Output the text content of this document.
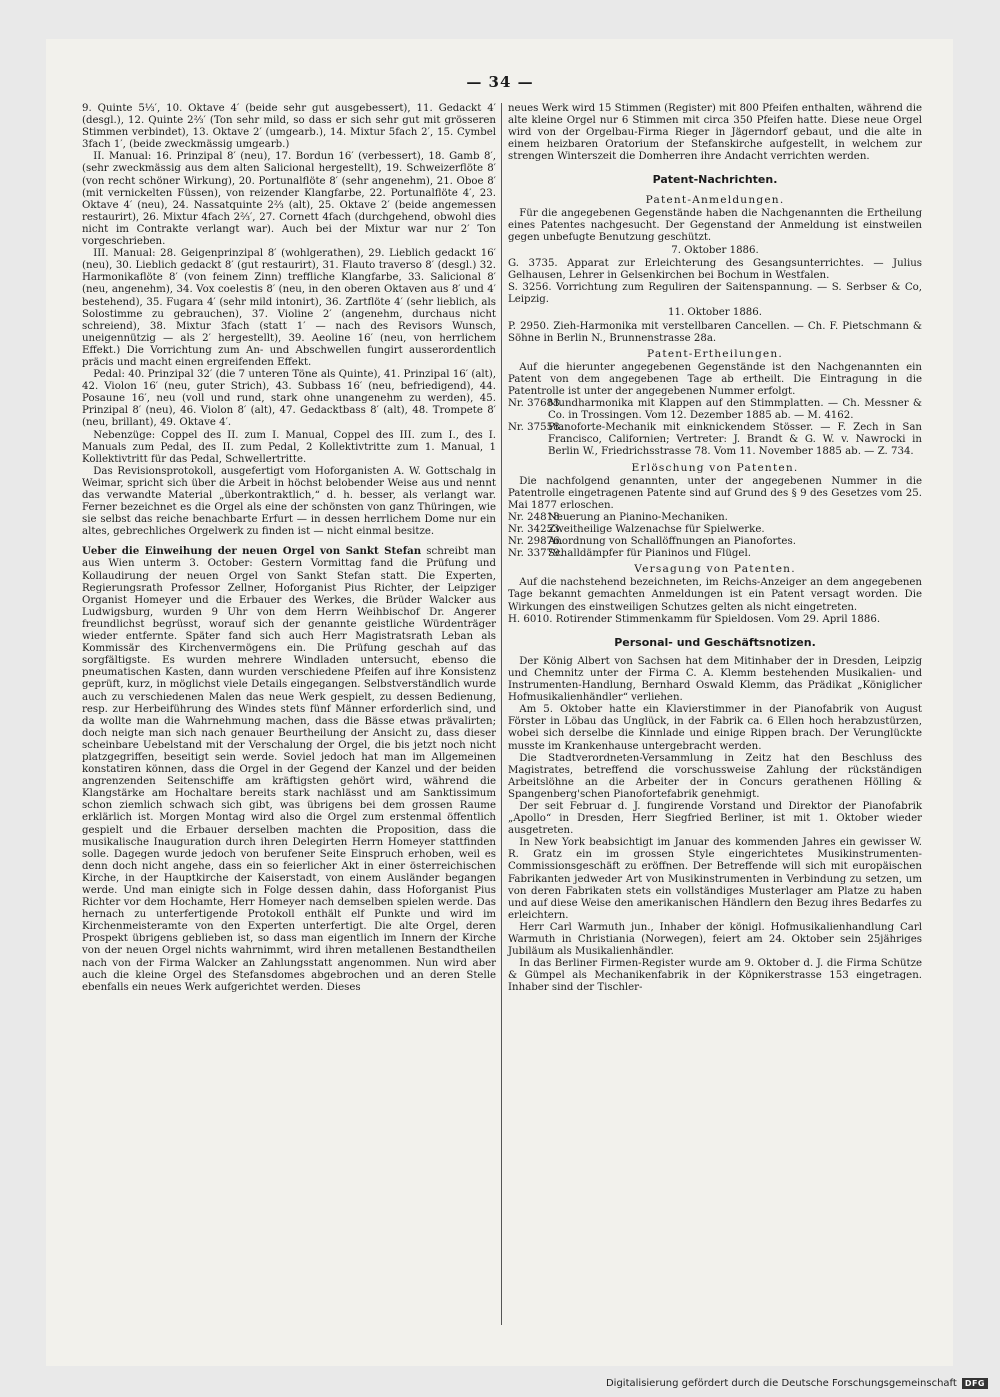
— 34 —

9. Quinte 5⅓′, 10. Oktave 4′ (beide sehr gut ausgebessert), 11. Gedackt 4′ (desgl.), 12. Quinte 2⅔′ (Ton sehr mild, so dass er sich sehr gut mit grösseren Stimmen verbindet), 13. Oktave 2′ (umgearb.), 14. Mixtur 5fach 2′, 15. Cymbel 3fach 1′, (beide zweckmässig umgearb.)

II. Manual: 16. Prinzipal 8′ (neu), 17. Bordun 16′ (verbessert), 18. Gamb 8′, (sehr zweckmässig aus dem alten Salicional hergestellt), 19. Schweizerflöte 8′ (von recht schöner Wirkung), 20. Portunalflöte 8′ (sehr angenehm), 21. Oboe 8′ (mit vernickelten Füssen), von reizender Klangfarbe, 22. Portunalflöte 4′, 23. Oktave 4′ (neu), 24. Nassatquinte 2⅔ (alt), 25. Oktave 2′ (beide angemessen restaurirt), 26. Mixtur 4fach 2⅔′, 27. Cornett 4fach (durchgehend, obwohl dies nicht im Contrakte verlangt war). Auch bei der Mixtur war nur 2′ Ton vorgeschrieben.

III. Manual: 28. Geigenprinzipal 8′ (wohlgerathen), 29. Lieblich gedackt 16′ (neu), 30. Lieblich gedackt 8′ (gut restaurirt), 31. Flauto traverso 8′ (desgl.) 32. Harmonikaflöte 8′ (von feinem Zinn) treffliche Klangfarbe, 33. Salicional 8′ (neu, angenehm), 34. Vox coelestis 8′ (neu, in den oberen Oktaven aus 8′ und 4′ bestehend), 35. Fugara 4′ (sehr mild intonirt), 36. Zartflöte 4′ (sehr lieblich, als Solostimme zu gebrauchen), 37. Violine 2′ (angenehm, durchaus nicht schreiend), 38. Mixtur 3fach (statt 1′ — nach des Revisors Wunsch, uneigennützig — als 2′ hergestellt), 39. Aeoline 16′ (neu, von herrlichem Effekt.) Die Vorrichtung zum An- und Abschwellen fungirt ausserordentlich präcis und macht einen ergreifenden Effekt.

Pedal: 40. Prinzipal 32′ (die 7 unteren Töne als Quinte), 41. Prinzipal 16′ (alt), 42. Violon 16′ (neu, guter Strich), 43. Subbass 16′ (neu, befriedigend), 44. Posaune 16′, neu (voll und rund, stark ohne unangenehm zu werden), 45. Prinzipal 8′ (neu), 46. Violon 8′ (alt), 47. Gedacktbass 8′ (alt), 48. Trompete 8′ (neu, brillant), 49. Oktave 4′.

Nebenzüge: Coppel des II. zum I. Manual, Coppel des III. zum I., des I. Manuals zum Pedal, des II. zum Pedal, 2 Kollektivtritte zum 1. Manual, 1 Kollektivtritt für das Pedal, Schwellertritte.

Das Revisionsprotokoll, ausgefertigt vom Hoforganisten A. W. Gottschalg in Weimar, spricht sich über die Arbeit in höchst belobender Weise aus und nennt das verwandte Material „überkontraktlich,“ d. h. besser, als verlangt war. Ferner bezeichnet es die Orgel als eine der schönsten von ganz Thüringen, wie sie selbst das reiche benachbarte Erfurt — in dessen herrlichem Dome nur ein altes, gebrechliches Orgelwerk zu finden ist — nicht einmal besitze.

Ueber die Einweihung der neuen Orgel von Sankt Stefan schreibt man aus Wien unterm 3. October: Gestern Vormittag fand die Prüfung und Kollaudirung der neuen Orgel von Sankt Stefan statt. Die Experten, Regierungsrath Professor Zellner, Hoforganist Pius Richter, der Leipziger Organist Homeyer und die Erbauer des Werkes, die Brüder Walcker aus Ludwigsburg, wurden 9 Uhr von dem Herrn Weihbischof Dr. Angerer freundlichst begrüsst, worauf sich der genannte geistliche Würdenträger wieder entfernte. Später fand sich auch Herr Magistratsrath Leban als Kommissär des Kirchenvermögens ein. Die Prüfung geschah auf das sorgfältigste. Es wurden mehrere Windladen untersucht, ebenso die pneumatischen Kasten, dann wurden verschiedene Pfeifen auf ihre Konsistenz geprüft, kurz, in möglichst viele Details eingegangen. Selbstverständlich wurde auch zu verschiedenen Malen das neue Werk gespielt, zu dessen Bedienung, resp. zur Herbeiführung des Windes stets fünf Männer erforderlich sind, und da wollte man die Wahrnehmung machen, dass die Bässe etwas prävalirten; doch neigte man sich nach genauer Beurtheilung der Ansicht zu, dass dieser scheinbare Uebelstand mit der Verschalung der Orgel, die bis jetzt noch nicht platzgegriffen, beseitigt sein werde. Soviel jedoch hat man im Allgemeinen konstatiren können, dass die Orgel in der Gegend der Kanzel und der beiden angrenzenden Seitenschiffe am kräftigsten gehört wird, während die Klangstärke am Hochaltare bereits stark nachlässt und am Sanktissimum schon ziemlich schwach sich gibt, was übrigens bei dem grossen Raume erklärlich ist. Morgen Montag wird also die Orgel zum erstenmal öffentlich gespielt und die Erbauer derselben machten die Proposition, dass die musikalische Inauguration durch ihren Delegirten Herrn Homeyer stattfinden solle. Dagegen wurde jedoch von berufener Seite Einspruch erhoben, weil es denn doch nicht angehe, dass ein so feierlicher Akt in einer österreichischen Kirche, in der Hauptkirche der Kaiserstadt, von einem Ausländer begangen werde. Und man einigte sich in Folge dessen dahin, dass Hoforganist Pius Richter vor dem Hochamte, Herr Homeyer nach demselben spielen werde. Das hernach zu unterfertigende Protokoll enthält elf Punkte und wird im Kirchenmeisteramte von den Experten unterfertigt. Die alte Orgel, deren Prospekt übrigens geblieben ist, so dass man eigentlich im Innern der Kirche von der neuen Orgel nichts wahrnimmt, wird ihren metallenen Bestandtheilen nach von der Firma Walcker an Zahlungsstatt angenommen. Nun wird aber auch die kleine Orgel des Stefansdomes abgebrochen und an deren Stelle ebenfalls ein neues Werk aufgerichtet werden. Dieses

neues Werk wird 15 Stimmen (Register) mit 800 Pfeifen enthalten, während die alte kleine Orgel nur 6 Stimmen mit circa 350 Pfeifen hatte. Diese neue Orgel wird von der Orgelbau-Firma Rieger in Jägerndorf gebaut, und die alte in einem heizbaren Oratorium der Stefanskirche aufgestellt, in welchem zur strengen Winterszeit die Domherren ihre Andacht verrichten werden.

Patent-Nachrichten.
Patent-Anmeldungen.

Für die angegebenen Gegenstände haben die Nachgenannten die Ertheilung eines Patentes nachgesucht. Der Gegenstand der Anmeldung ist einstweilen gegen unbefugte Benutzung geschützt.

7. Oktober 1886.

G. 3735. Apparat zur Erleichterung des Gesangsunterrichtes. — Julius Gelhausen, Lehrer in Gelsenkirchen bei Bochum in Westfalen.

S. 3256. Vorrichtung zum Reguliren der Saitenspannung. — S. Serbser & Co, Leipzig.

11. Oktober 1886.

P. 2950. Zieh-Harmonika mit verstellbaren Cancellen. — Ch. F. Pietschmann & Söhne in Berlin N., Brunnenstrasse 28a.

Patent-Ertheilungen.

Auf die hierunter angegebenen Gegenstände ist den Nachgenannten ein Patent von dem angegebenen Tage ab ertheilt. Die Eintragung in die Patentrolle ist unter der angegebenen Nummer erfolgt.

Nr. 37683.
Mundharmonika mit Klappen auf den Stimmplatten. — Ch. Messner & Co. in Trossingen. Vom 12. Dezember 1885 ab. — M. 4162.

Nr. 37558.
Pianoforte-Mechanik mit einknickendem Stösser. — F. Zech in San Francisco, Californien; Vertreter: J. Brandt & G. W. v. Nawrocki in Berlin W., Friedrichsstrasse 78. Vom 11. November 1885 ab. — Z. 734.

Erlöschung von Patenten.

Die nachfolgend genannten, unter der angegebenen Nummer in die Patentrolle eingetragenen Patente sind auf Grund des § 9 des Gesetzes vom 25. Mai 1877 erloschen.

Nr. 24818.
Neuerung an Pianino-Mechaniken.

Nr. 34253.
Zweitheilige Walzenachse für Spielwerke.

Nr. 29876.
Anordnung von Schallöffnungen an Pianofortes.

Nr. 33779.
Schalldämpfer für Pianinos und Flügel.

Versagung von Patenten.

Auf die nachstehend bezeichneten, im Reichs-Anzeiger an dem angegebenen Tage bekannt gemachten Anmeldungen ist ein Patent versagt worden. Die Wirkungen des einstweiligen Schutzes gelten als nicht eingetreten.

H. 6010. Rotirender Stimmenkamm für Spieldosen. Vom 29. April 1886.

Personal- und Geschäftsnotizen.

Der König Albert von Sachsen hat dem Mitinhaber der in Dresden, Leipzig und Chemnitz unter der Firma C. A. Klemm bestehenden Musikalien- und Instrumenten-Handlung, Bernhard Oswald Klemm, das Prädikat „Königlicher Hofmusikalienhändler“ verliehen.

Am 5. Oktober hatte ein Klavierstimmer in der Pianofabrik von August Förster in Löbau das Unglück, in der Fabrik ca. 6 Ellen hoch herabzustürzen, wobei sich derselbe die Kinnlade und einige Rippen brach. Der Verunglückte musste im Krankenhause untergebracht werden.

Die Stadtverordneten-Versammlung in Zeitz hat den Beschluss des Magistrates, betreffend die vorschussweise Zahlung der rückständigen Arbeitslöhne an die Arbeiter der in Concurs gerathenen Hölling & Spangenberg'schen Pianofortefabrik genehmigt.

Der seit Februar d. J. fungirende Vorstand und Direktor der Pianofabrik „Apollo“ in Dresden, Herr Siegfried Berliner, ist mit 1. Oktober wieder ausgetreten.

In New York beabsichtigt im Januar des kommenden Jahres ein gewisser W. R. Gratz ein im grossen Style eingerichtetes Musikinstrumenten-Commissionsgeschäft zu eröffnen. Der Betreffende will sich mit europäischen Fabrikanten jedweder Art von Musikinstrumenten in Verbindung zu setzen, um von deren Fabrikaten stets ein vollständiges Musterlager am Platze zu haben und auf diese Weise den amerikanischen Händlern den Bezug ihres Bedarfes zu erleichtern.

Herr Carl Warmuth jun., Inhaber der königl. Hofmusikalienhandlung Carl Warmuth in Christiania (Norwegen), feiert am 24. Oktober sein 25jähriges Jubiläum als Musikalienhändler.

In das Berliner Firmen-Register wurde am 9. Oktober d. J. die Firma Schütze & Gümpel als Mechanikenfabrik in der Köpnikerstrasse 153 eingetragen. Inhaber sind der Tischler-

Digitalisierung gefördert durch die Deutsche Forschungsgemeinschaft	DFG
